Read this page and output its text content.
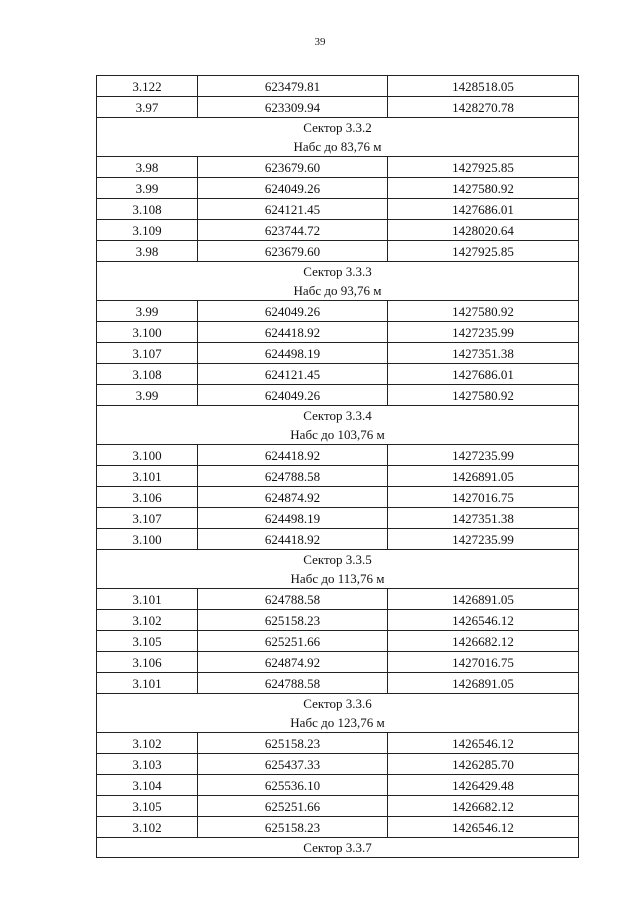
39
3.122	623479.81	1428518.05
3.97	623309.94	1428270.78

Сектор 3.3.2
Набс до 83,76 м		

3.98	623679.60	1427925.85
3.99	624049.26	1427580.92
3.108	624121.45	1427686.01
3.109	623744.72	1428020.64
3.98	623679.60	1427925.85

Сектор 3.3.3
Набс до 93,76 м		

3.99	624049.26	1427580.92
3.100	624418.92	1427235.99
3.107	624498.19	1427351.38
3.108	624121.45	1427686.01
3.99	624049.26	1427580.92

Сектор 3.3.4
Набс до 103,76 м		

3.100	624418.92	1427235.99
3.101	624788.58	1426891.05
3.106	624874.92	1427016.75
3.107	624498.19	1427351.38
3.100	624418.92	1427235.99

Сектор 3.3.5
Набс до 113,76 м		

3.101	624788.58	1426891.05
3.102	625158.23	1426546.12
3.105	625251.66	1426682.12
3.106	624874.92	1427016.75
3.101	624788.58	1426891.05

Сектор 3.3.6
Набс до 123,76 м		

3.102	625158.23	1426546.12
3.103	625437.33	1426285.70
3.104	625536.10	1426429.48
3.105	625251.66	1426682.12
3.102	625158.23	1426546.12

Сектор 3.3.7		
